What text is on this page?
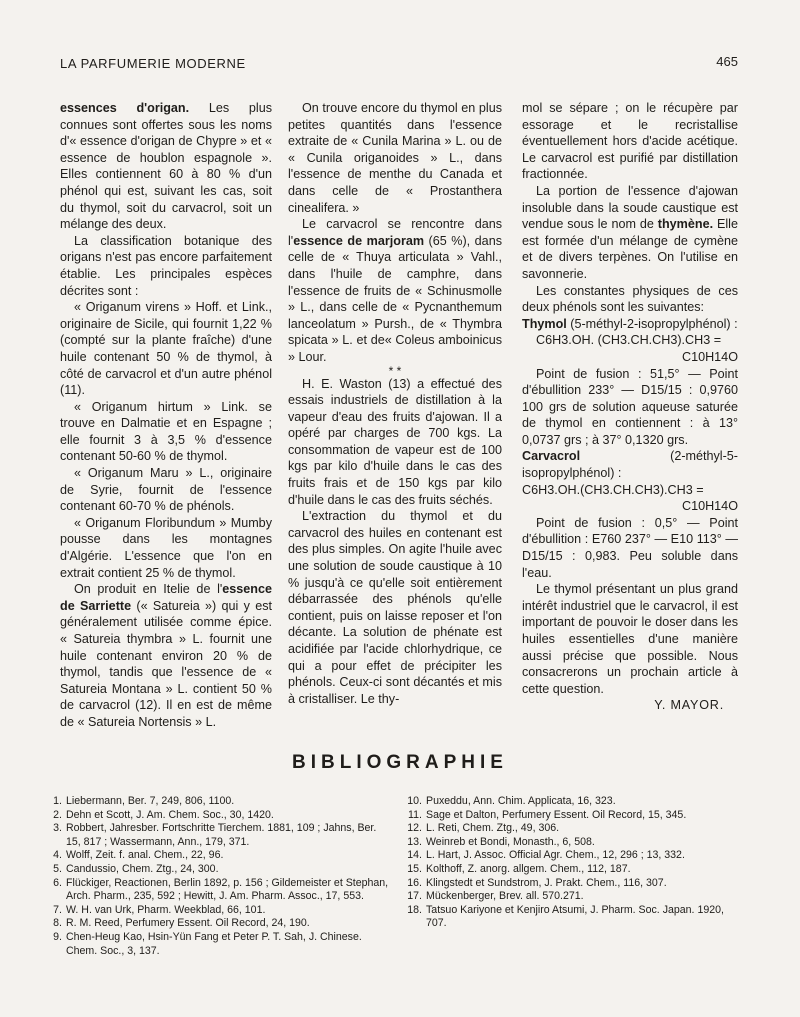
LA PARFUMERIE MODERNE	465

essences d'origan. Les plus connues sont offertes sous les noms d'« essence d'origan de Chypre » et « essence de houblon espagnole ». Elles contiennent 60 à 80 % d'un phénol qui est, suivant les cas, soit du thymol, soit du carvacrol, soit un mélange des deux.

La classification botanique des origans n'est pas encore parfaitement établie. Les principales espèces décrites sont :

« Origanum virens » Hoff. et Link., originaire de Sicile, qui fournit 1,22 % (compté sur la plante fraîche) d'une huile contenant 50 % de thymol, à côté de carvacrol et d'un autre phénol (11).

« Origanum hirtum » Link. se trouve en Dalmatie et en Espagne ; elle fournit 3 à 3,5 % d'essence contenant 50-60 % de thymol.

« Origanum Maru » L., originaire de Syrie, fournit de l'essence contenant 60-70 % de phénols.

« Origanum Floribundum » Mumby pousse dans les montagnes d'Algérie. L'essence que l'on en extrait contient 25 % de thymol.

On produit en Itelie de l'essence de Sarriette (« Satureia ») qui y est généralement utilisée comme épice. « Satureia thymbra » L. fournit une huile contenant environ 20 % de thymol, tandis que l'essence de « Satureia Montana » L. contient 50 % de carvacrol (12). Il en est de même de « Satureia Nortensis » L.

On trouve encore du thymol en plus petites quantités dans l'essence extraite de « Cunila Marina » L. ou de « Cunila origanoides » L., dans l'essence de menthe du Canada et dans celle de « Prostanthera cinealifera. »

Le carvacrol se rencontre dans l'essence de marjoram (65 %), dans celle de « Thuya articulata » Vahl., dans l'huile de camphre, dans l'essence de fruits de « Schinusmolle » L., dans celle de « Pycnanthemum lanceolatum » Pursh., de « Thymbra spicata » L. et de« Coleus amboinicus » Lour.

* *

H. E. Waston (13) a effectué des essais industriels de distillation à la vapeur d'eau des fruits d'ajowan. Il a opéré par charges de 700 kgs. La consommation de vapeur est de 100 kgs par kilo d'huile dans le cas des fruits frais et de 150 kgs par kilo d'huile dans le cas des fruits séchés.

L'extraction du thymol et du carvacrol des huiles en contenant est des plus simples. On agite l'huile avec une solution de soude caustique à 10 % jusqu'à ce qu'elle soit entièrement débarrassée des phénols qu'elle contient, puis on laisse reposer et l'on décante. La solution de phénate est acidifiée par l'acide chlorhydrique, ce qui a pour effet de précipiter les phénols. Ceux-ci sont décantés et mis à cristalliser. Le thy-

mol se sépare ; on le récupère par essorage et le recristallise éventuellement hors d'acide acétique. Le carvacrol est purifié par distillation fractionnée.

La portion de l'essence d'ajowan insoluble dans la soude caustique est vendue sous le nom de thymène. Elle est formée d'un mélange de cymène et de divers terpènes. On l'utilise en savonnerie.

Les constantes physiques de ces deux phénols sont les suivantes:

Thymol (5-méthyl-2-isopropylphénol) :

C6H3.OH. (CH3.CH.CH3).CH3 =

C10H14O

Point de fusion : 51,5° — Point d'ébullition 233° — D15/15 : 0,9760 100 grs de solution aqueuse saturée de thymol en contiennent : à 13° 0,0737 grs ; à 37° 0,1320 grs.

Carvacrol (2-méthyl-5-isopropylphénol) :

C6H3.OH.(CH3.CH.CH3).CH3 =

C10H14O

Point de fusion : 0,5° — Point d'ébullition : E760 237° — E10 113° — D15/15 : 0,983. Peu soluble dans l'eau.

Le thymol présentant un plus grand intérêt industriel que le carvacrol, il est important de pouvoir le doser dans les huiles essentielles d'une manière aussi précise que possible. Nous consacrerons un prochain article à cette question.

Y. MAYOR.

BIBLIOGRAPHIE
1. Liebermann, Ber. 7, 249, 806, 1100.
2. Dehn et Scott, J. Am. Chem. Soc., 30, 1420.
3. Robbert, Jahresber. Fortschritte Tierchem. 1881, 109 ; Jahns, Ber. 15, 817 ; Wassermann, Ann., 179, 371.
4. Wolff, Zeit. f. anal. Chem., 22, 96.
5. Candussio, Chem. Ztg., 24, 300.
6. Flückiger, Reactionen, Berlin 1892, p. 156 ; Gildemeister et Stephan, Arch. Pharm., 235, 592 ; Hewitt, J. Am. Pharm. Assoc., 17, 553.
7. W. H. van Urk, Pharm. Weekblad, 66, 101.
8. R. M. Reed, Perfumery Essent. Oil Record, 24, 190.
9. Chen-Heug Kao, Hsin-Yün Fang et Peter P. T. Sah, J. Chinese. Chem. Soc., 3, 137.
10. Puxeddu, Ann. Chim. Applicata, 16, 323.
11. Sage et Dalton, Perfumery Essent. Oil Record, 15, 345.
12. L. Reti, Chem. Ztg., 49, 306.
13. Weinreb et Bondi, Monasth., 6, 508.
14. L. Hart, J. Assoc. Official Agr. Chem., 12, 296 ; 13, 332.
15. Kolthoff, Z. anorg. allgem. Chem., 112, 187.
16. Klingstedt et Sundstrom, J. Prakt. Chem., 116, 307.
17. Mückenberger, Brev. all. 570.271.
18. Tatsuo Kariyone et Kenjiro Atsumi, J. Pharm. Soc. Japan. 1920, 707.
